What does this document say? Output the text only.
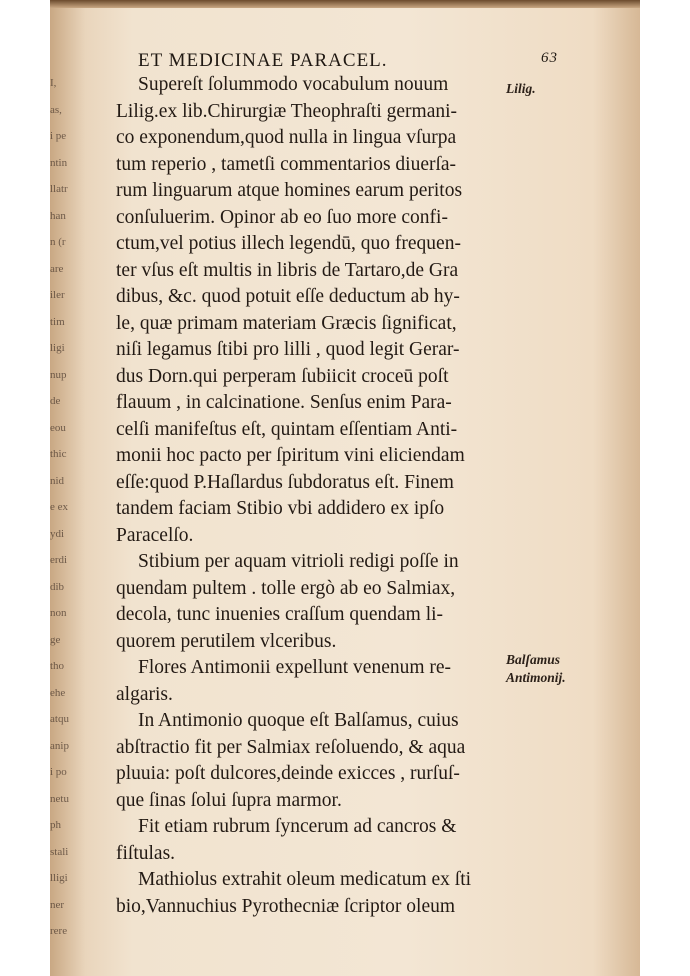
I,
as,
i pe
ntin
llatr
han
n (r
are
iler
tim
ligi
nup
de
eou
thic
nid
e ex
ydi
erdi
dib
non
ge
tho
ehe
atqu
anip
i po
netu
ph
stali
lligi
ner
rere
ET MEDICINAE PARACEL.	63
Supereſt ſolummodo vocabulum nouum
Lilig.ex lib.Chirurgiæ Theophraſti germani-
co exponendum,quod nulla in lingua vſurpa
tum reperio , tametſi commentarios diuerſa-
rum linguarum atque homines earum peritos
conſuluerim. Opinor ab eo ſuo more confi-
ctum,vel potius illech legendū, quo frequen-
ter vſus eſt multis in libris de Tartaro,de Gra
dibus, &c. quod potuit eſſe deductum ab hy-
le, quæ primam materiam Græcis ſignificat,
niſi legamus ſtibi pro lilli , quod legit Gerar-
dus Dorn.qui perperam ſubiicit croceū poſt
flauum , in calcinatione. Senſus enim Para-
celſi manifeſtus eſt, quintam eſſentiam Anti-
monii hoc pacto per ſpiritum vini eliciendam
eſſe:quod P.Haſlardus ſubdoratus eſt. Finem
tandem faciam Stibio vbi addidero ex ipſo
Paracelſo.
Stibium per aquam vitrioli redigi poſſe in
quendam pultem . tolle ergò ab eo Salmiax,
decola, tunc inuenies craſſum quendam li-
quorem perutilem vlceribus.
Flores Antimonii expellunt venenum re-
algaris.
In Antimonio quoque eſt Balſamus, cuius
abſtractio fit per Salmiax reſoluendo, & aqua
pluuia: poſt dulcores,deinde exicces , rurſuſ-
que ſinas ſolui ſupra marmor.
Fit etiam rubrum ſyncerum ad cancros &
fiſtulas.
Mathiolus extrahit oleum medicatum ex ſti
bio,Vannuchius Pyrothecniæ ſcriptor oleum
Lilig.
Balſamus
Antimonij.
